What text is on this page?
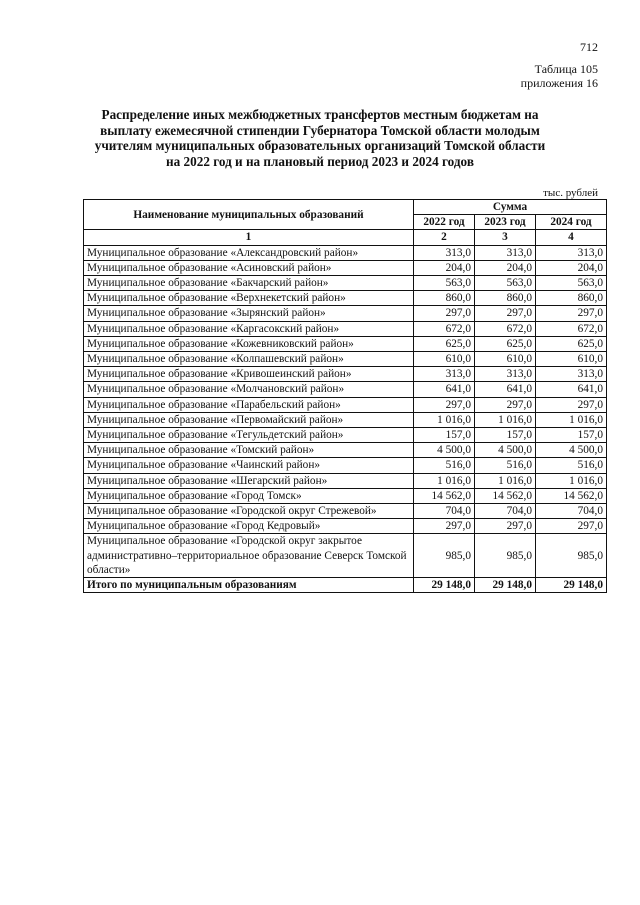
712
Таблица 105
приложения 16
Распределение иных межбюджетных трансфертов местным бюджетам на выплату ежемесячной стипендии Губернатора Томской области молодым учителям муниципальных образовательных организаций Томской области на 2022 год и на плановый период 2023 и 2024 годов
тыс. рублей
Наименование муниципальных образований	Сумма		
	2022 год	2023 год	2024 год
1	2	3	4
Муниципальное образование «Александровский район»	313,0	313,0	313,0
Муниципальное образование «Асиновский район»	204,0	204,0	204,0
Муниципальное образование «Бакчарский район»	563,0	563,0	563,0
Муниципальное образование «Верхнекетский район»	860,0	860,0	860,0
Муниципальное образование «Зырянский район»	297,0	297,0	297,0
Муниципальное образование «Каргасокский район»	672,0	672,0	672,0
Муниципальное образование «Кожевниковский район»	625,0	625,0	625,0
Муниципальное образование «Колпашевский район»	610,0	610,0	610,0
Муниципальное образование «Кривошеинский район»	313,0	313,0	313,0
Муниципальное образование «Молчановский район»	641,0	641,0	641,0
Муниципальное образование «Парабельский район»	297,0	297,0	297,0
Муниципальное образование «Первомайский район»	1 016,0	1 016,0	1 016,0
Муниципальное образование «Тегульдетский район»	157,0	157,0	157,0
Муниципальное образование «Томский район»	4 500,0	4 500,0	4 500,0
Муниципальное образование «Чаинский район»	516,0	516,0	516,0
Муниципальное образование «Шегарский район»	1 016,0	1 016,0	1 016,0
Муниципальное образование «Город Томск»	14 562,0	14 562,0	14 562,0
Муниципальное образование «Городской округ Стрежевой»	704,0	704,0	704,0
Муниципальное образование «Город Кедровый»	297,0	297,0	297,0
Муниципальное образование «Городской округ закрытое административно–территориальное образование Северск Томской области»	985,0	985,0	985,0
Итого по муниципальным образованиям	29 148,0	29 148,0	29 148,0
